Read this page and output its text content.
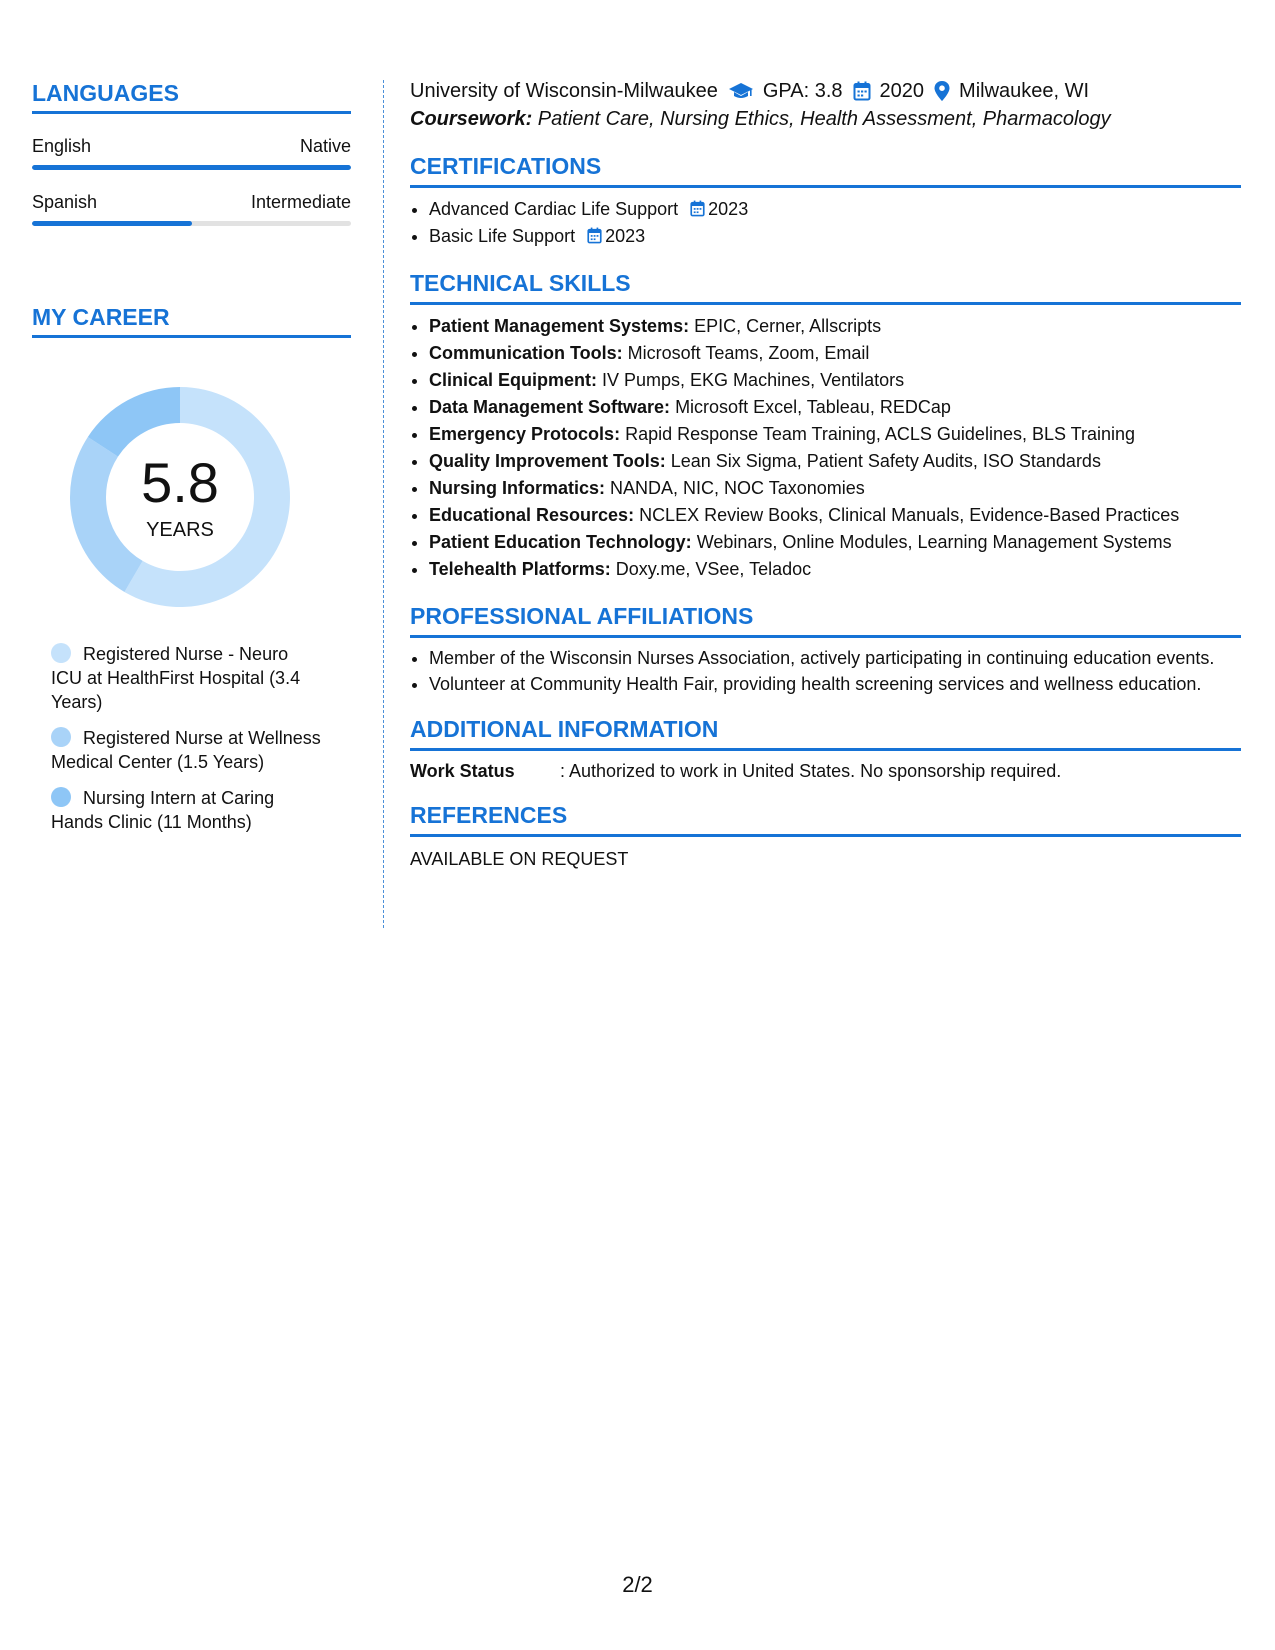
LANGUAGES
English	Native
Spanish	Intermediate
MY CAREER
5.8
YEARS
Registered Nurse - Neuro ICU at HealthFirst Hospital (3.4 Years)
Registered Nurse at Wellness Medical Center (1.5 Years)
Nursing Intern at Caring Hands Clinic (11 Months)
University of Wisconsin-Milwaukee GPA: 3.8 2020 Milwaukee, WI
Coursework: Patient Care, Nursing Ethics, Health Assessment, Pharmacology
CERTIFICATIONS
• Advanced Cardiac Life Support 2023
• Basic Life Support 2023
TECHNICAL SKILLS
• Patient Management Systems: EPIC, Cerner, Allscripts
• Communication Tools: Microsoft Teams, Zoom, Email
• Clinical Equipment: IV Pumps, EKG Machines, Ventilators
• Data Management Software: Microsoft Excel, Tableau, REDCap
• Emergency Protocols: Rapid Response Team Training, ACLS Guidelines, BLS Training
• Quality Improvement Tools: Lean Six Sigma, Patient Safety Audits, ISO Standards
• Nursing Informatics: NANDA, NIC, NOC Taxonomies
• Educational Resources: NCLEX Review Books, Clinical Manuals, Evidence-Based Practices
• Patient Education Technology: Webinars, Online Modules, Learning Management Systems
• Telehealth Platforms: Doxy.me, VSee, Teladoc
PROFESSIONAL AFFILIATIONS
• Member of the Wisconsin Nurses Association, actively participating in continuing education events.
• Volunteer at Community Health Fair, providing health screening services and wellness education.
ADDITIONAL INFORMATION
Work Status	: Authorized to work in United States. No sponsorship required.
REFERENCES
AVAILABLE ON REQUEST
2/2
